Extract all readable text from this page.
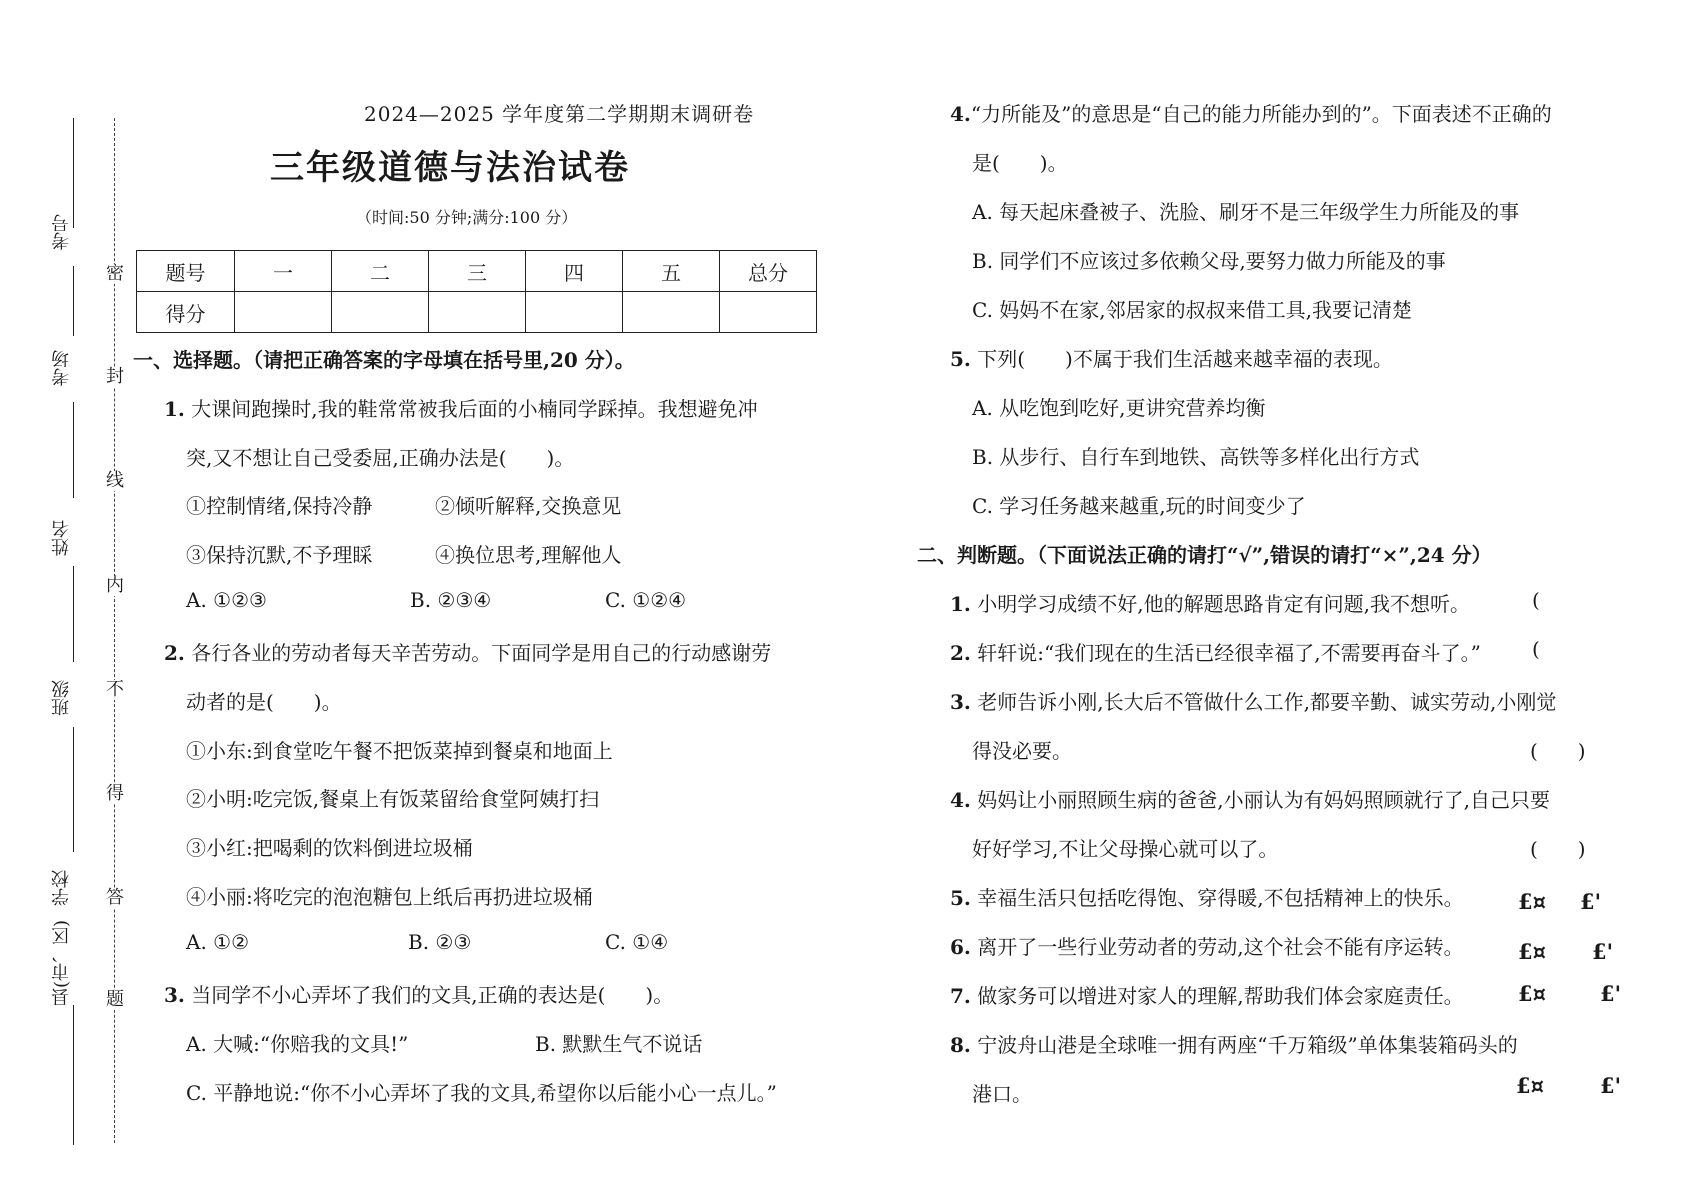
考号
考场
姓名
班级
学校
县(市、区)
密
封
线
内
不
得
答
题
2024—2025 学年度第二学期期末调研卷
三年级道德与法治试卷
（时间:50 分钟;满分:100 分）
题号	一	二	三	四	五	总分
得分						
一、选择题。（请把正确答案的字母填在括号里,20 分）。
1. 大课间跑操时,我的鞋常常被我后面的小楠同学踩掉。我想避免冲
突,又不想让自己受委屈,正确办法是(　　)。
①控制情绪,保持冷静	②倾听解释,交换意见
③保持沉默,不予理睬	④换位思考,理解他人
A. ①②③	B. ②③④	C. ①②④
2. 各行各业的劳动者每天辛苦劳动。下面同学是用自己的行动感谢劳
动者的是(　　)。
①小东:到食堂吃午餐不把饭菜掉到餐桌和地面上
②小明:吃完饭,餐桌上有饭菜留给食堂阿姨打扫
③小红:把喝剩的饮料倒进垃圾桶
④小丽:将吃完的泡泡糖包上纸后再扔进垃圾桶
A. ①②	B. ②③	C. ①④
3. 当同学不小心弄坏了我们的文具,正确的表达是(　　)。
A. 大喊:“你赔我的文具!”	B. 默默生气不说话
C. 平静地说:“你不小心弄坏了我的文具,希望你以后能小心一点儿。”
4.“力所能及”的意思是“自己的能力所能办到的”。下面表述不正确的
是(　　)。
A. 每天起床叠被子、洗脸、刷牙不是三年级学生力所能及的事
B. 同学们不应该过多依赖父母,要努力做力所能及的事
C. 妈妈不在家,邻居家的叔叔来借工具,我要记清楚
5. 下列(　　)不属于我们生活越来越幸福的表现。
A. 从吃饱到吃好,更讲究营养均衡
B. 从步行、自行车到地铁、高铁等多样化出行方式
C. 学习任务越来越重,玩的时间变少了
二、判断题。（下面说法正确的请打“√”,错误的请打“×”,24 分）
1. 小明学习成绩不好,他的解题思路肯定有问题,我不想听。	(
2. 轩轩说:“我们现在的生活已经很幸福了,不需要再奋斗了。”	(
3. 老师告诉小刚,长大后不管做什么工作,都要辛勤、诚实劳动,小刚觉
得没必要。	(　　)
4. 妈妈让小丽照顾生病的爸爸,小丽认为有妈妈照顾就行了,自己只要
好好学习,不让父母操心就可以了。	(　　)
5. 幸福生活只包括吃得饱、穿得暖,不包括精神上的快乐。	£¤ £'
6. 离开了一些行业劳动者的劳动,这个社会不能有序运转。	£¤ £'
7. 做家务可以增进对家人的理解,帮助我们体会家庭责任。	£¤	£'
8. 宁波舟山港是全球唯一拥有两座“千万箱级”单体集装箱码头的
港口。	£¤	£'
